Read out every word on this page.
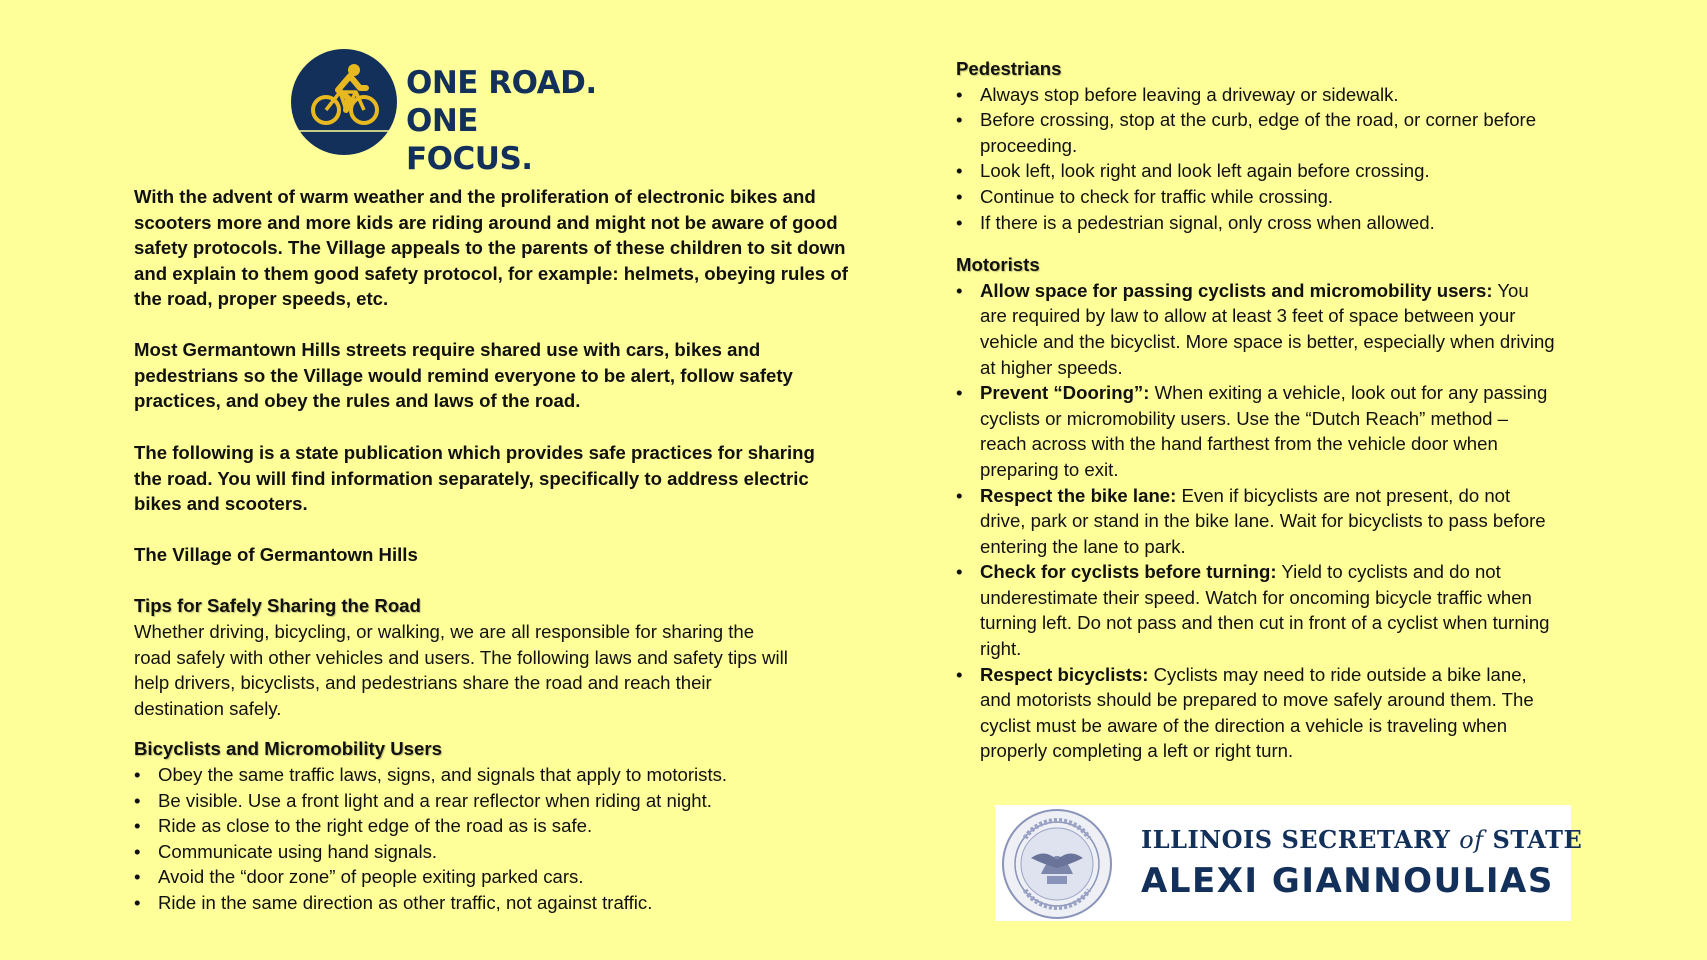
ONE ROAD.
ONE FOCUS.

With the advent of warm weather and the proliferation of electronic bikes and scooters more and more kids are riding around and might not be aware of good safety protocols. The Village appeals to the parents of these children to sit down and explain to them good safety protocol, for example: helmets, obeying rules of the road, proper speeds, etc.

Most Germantown Hills streets require shared use with cars, bikes and pedestrians so the Village would remind everyone to be alert, follow safety practices, and obey the rules and laws of the road.

The following is a state publication which provides safe practices for sharing the road. You will find information separately, specifically to address electric bikes and scooters.

The Village of Germantown Hills

Tips for Safely Sharing the Road

Whether driving, bicycling, or walking, we are all responsible for sharing the road safely with other vehicles and users. The following laws and safety tips will help drivers, bicyclists, and pedestrians share the road and reach their destination safely.

Bicyclists and Micromobility Users

• Obey the same traffic laws, signs, and signals that apply to motorists.
• Be visible. Use a front light and a rear reflector when riding at night.
• Ride as close to the right edge of the road as is safe.
• Communicate using hand signals.
• Avoid the “door zone” of people exiting parked cars.
• Ride in the same direction as other traffic, not against traffic.

Pedestrians

• Always stop before leaving a driveway or sidewalk.
• Before crossing, stop at the curb, edge of the road, or corner before proceeding.
• Look left, look right and look left again before crossing.
• Continue to check for traffic while crossing.
• If there is a pedestrian signal, only cross when allowed.

Motorists

• Allow space for passing cyclists and micromobility users: You are required by law to allow at least 3 feet of space between your vehicle and the bicyclist. More space is better, especially when driving at higher speeds.
• Prevent “Dooring”: When exiting a vehicle, look out for any passing cyclists or micromobility users. Use the “Dutch Reach” method – reach across with the hand farthest from the vehicle door when preparing to exit.
• Respect the bike lane: Even if bicyclists are not present, do not drive, park or stand in the bike lane. Wait for bicyclists to pass before entering the lane to park.
• Check for cyclists before turning: Yield to cyclists and do not underestimate their speed. Watch for oncoming bicycle traffic when turning left. Do not pass and then cut in front of a cyclist when turning right.
• Respect bicyclists: Cyclists may need to ride outside a bike lane, and motorists should be prepared to move safely around them. The cyclist must be aware of the direction a vehicle is traveling when properly completing a left or right turn.
ILLINOIS SECRETARY of STATE
ALEXI GIANNOULIAS
